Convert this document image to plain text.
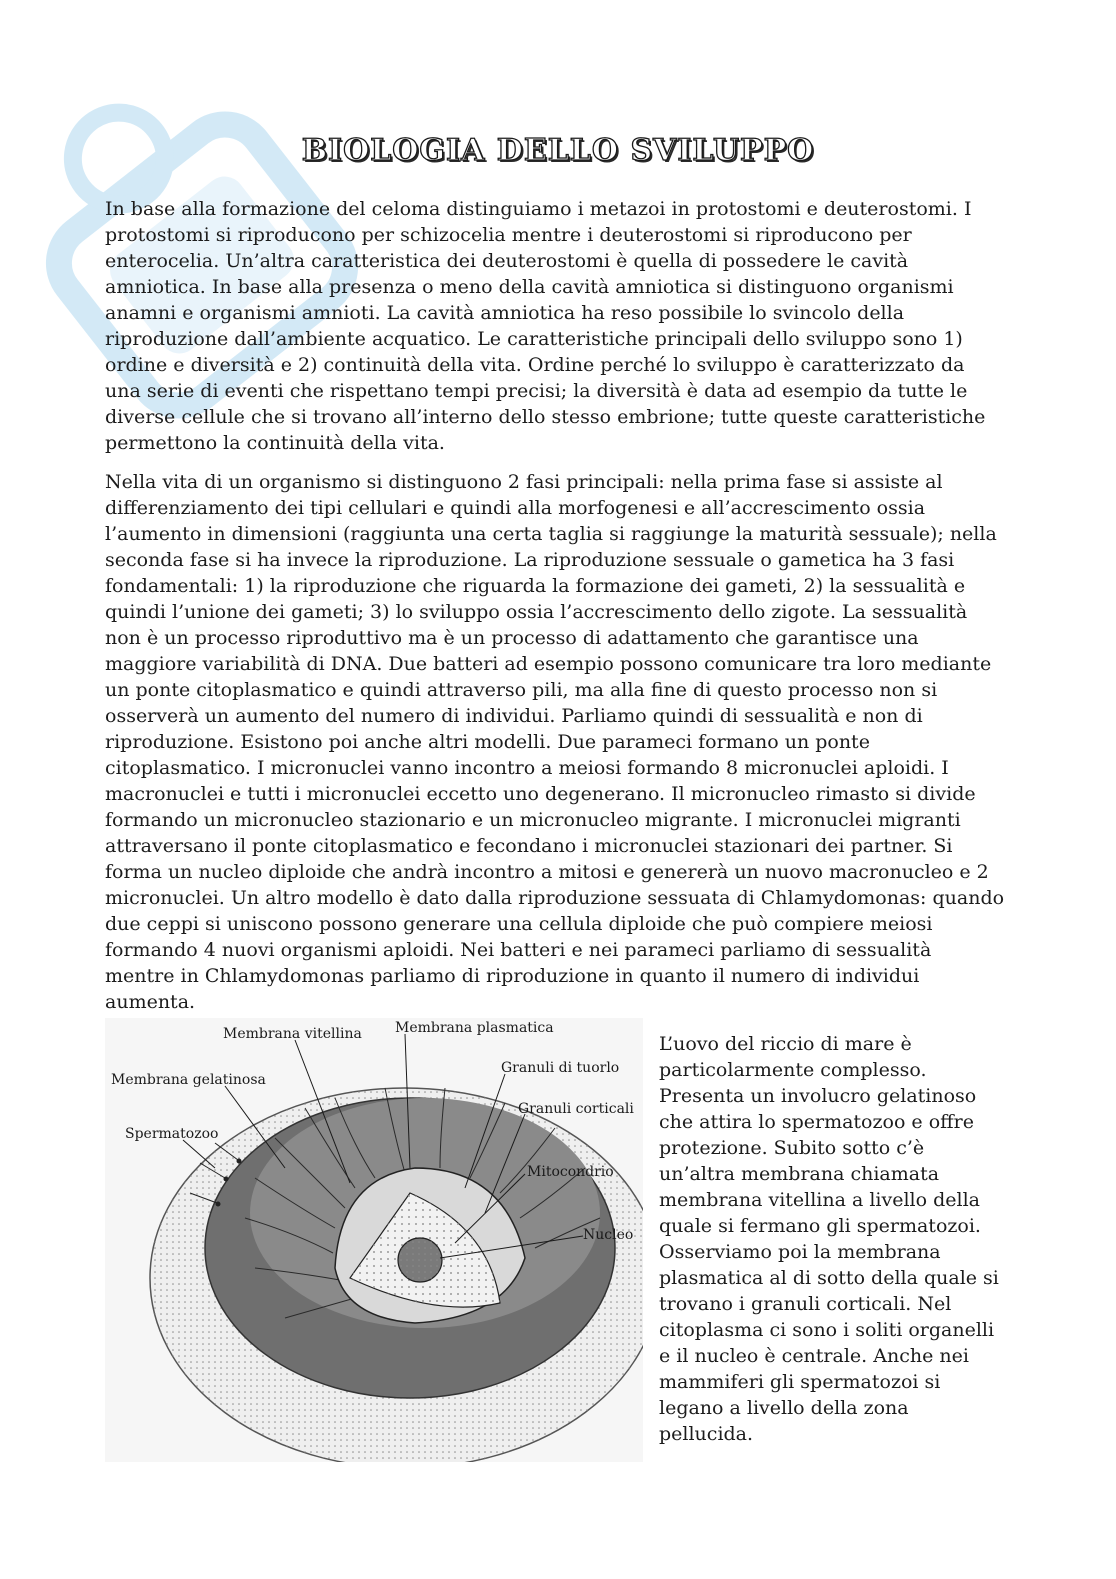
BIOLOGIA DELLO SVILUPPO

In base alla formazione del celoma distinguiamo i metazoi in protostomi e deuterostomi. I protostomi si riproducono per schizocelia mentre i deuterostomi si riproducono per enterocelia. Un’altra caratteristica dei deuterostomi è quella di possedere le cavità amniotica. In base alla presenza o meno della cavità amniotica si distinguono organismi anamni e organismi amnioti. La cavità amniotica ha reso possibile lo svincolo della riproduzione dall’ambiente acquatico. Le caratteristiche principali dello sviluppo sono 1) ordine e diversità e 2) continuità della vita. Ordine perché lo sviluppo è caratterizzato da una serie di eventi che rispettano tempi precisi; la diversità è data ad esempio da tutte le diverse cellule che si trovano all’interno dello stesso embrione; tutte queste caratteristiche permettono la continuità della vita.

Nella vita di un organismo si distinguono 2 fasi principali: nella prima fase si assiste al differenziamento dei tipi cellulari e quindi alla morfogenesi e all’accrescimento ossia l’aumento in dimensioni (raggiunta una certa taglia si raggiunge la maturità sessuale); nella seconda fase si ha invece la riproduzione. La riproduzione sessuale o gametica ha 3 fasi fondamentali: 1) la riproduzione che riguarda la formazione dei gameti, 2) la sessualità e quindi l’unione dei gameti; 3) lo sviluppo ossia l’accrescimento dello zigote. La sessualità non è un processo riproduttivo ma è un processo di adattamento che garantisce una maggiore variabilità di DNA. Due batteri ad esempio possono comunicare tra loro mediante un ponte citoplasmatico e quindi attraverso pili, ma alla fine di questo processo non si osserverà un aumento del numero di individui. Parliamo quindi di sessualità e non di riproduzione. Esistono poi anche altri modelli. Due parameci formano un ponte citoplasmatico. I micronuclei vanno incontro a meiosi formando 8 micronuclei aploidi. I macronuclei e tutti i micronuclei eccetto uno degenerano. Il micronucleo rimasto si divide formando un micronucleo stazionario e un micronucleo migrante. I micronuclei migranti attraversano il ponte citoplasmatico e fecondano i micronuclei stazionari dei partner. Si forma un nucleo diploide che andrà incontro a mitosi e genererà un nuovo macronucleo e 2 micronuclei. Un altro modello è dato dalla riproduzione sessuata di Chlamydomonas: quando due ceppi si uniscono possono generare una cellula diploide che può compiere meiosi formando 4 nuovi organismi aploidi. Nei batteri e nei parameci parliamo di sessualità mentre in Chlamydomonas parliamo di riproduzione in quanto il numero di individui aumenta.

Membrana vitellina Membrana plasmatica
Granuli di tuorlo
Membrana gelatinosa
Granuli corticali
Spermatozoo
Mitocondrio
Nucleo

L’uovo del riccio di mare è particolarmente complesso. Presenta un involucro gelatinoso che attira lo spermatozoo e offre protezione. Subito sotto c’è un’altra membrana chiamata membrana vitellina a livello della quale si fermano gli spermatozoi. Osserviamo poi la membrana plasmatica al di sotto della quale si trovano i granuli corticali. Nel citoplasma ci sono i soliti organelli e il nucleo è centrale. Anche nei mammiferi gli spermatozoi si legano a livello della zona pellucida.
